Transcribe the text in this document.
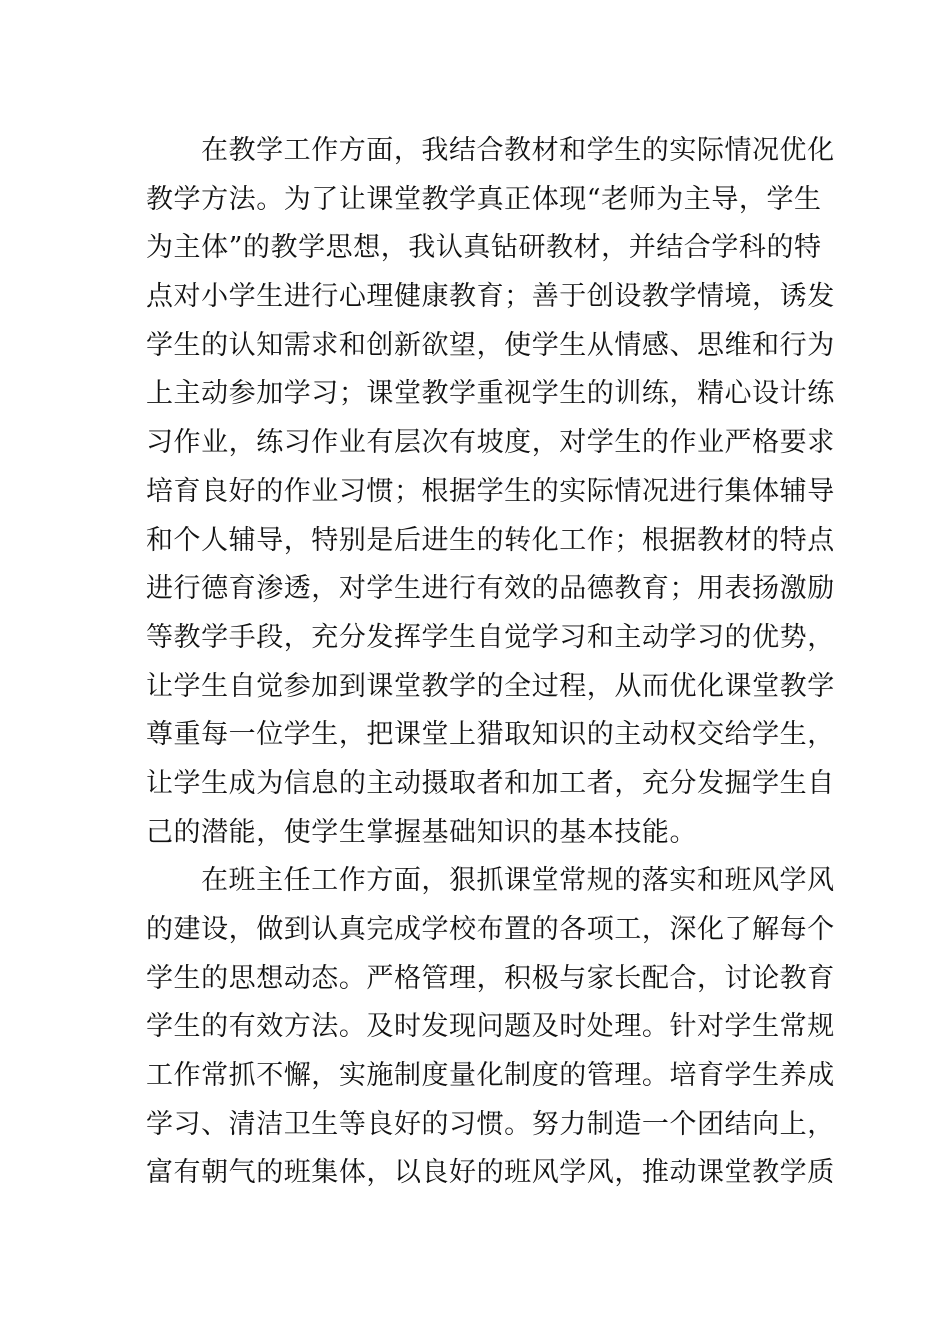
在教学工作方面，我结合教材和学生的实际情况优化
教学方法。为了让课堂教学真正体现“老师为主导，学生
为主体”的教学思想，我认真钻研教材，并结合学科的特
点对小学生进行心理健康教育；善于创设教学情境，诱发
学生的认知需求和创新欲望，使学生从情感、思维和行为
上主动参加学习；课堂教学重视学生的训练，精心设计练
习作业，练习作业有层次有坡度，对学生的作业严格要求
培育良好的作业习惯；根据学生的实际情况进行集体辅导
和个人辅导，特别是后进生的转化工作；根据教材的特点
进行德育渗透，对学生进行有效的品德教育；用表扬激励
等教学手段，充分发挥学生自觉学习和主动学习的优势，
让学生自觉参加到课堂教学的全过程，从而优化课堂教学
尊重每一位学生，把课堂上猎取知识的主动权交给学生，
让学生成为信息的主动摄取者和加工者，充分发掘学生自
己的潜能，使学生掌握基础知识的基本技能。
在班主任工作方面，狠抓课堂常规的落实和班风学风
的建设，做到认真完成学校布置的各项工，深化了解每个
学生的思想动态。严格管理，积极与家长配合，讨论教育
学生的有效方法。及时发现问题及时处理。针对学生常规
工作常抓不懈，实施制度量化制度的管理。培育学生养成
学习、清洁卫生等良好的习惯。努力制造一个团结向上，
富有朝气的班集体，以良好的班风学风，推动课堂教学质
